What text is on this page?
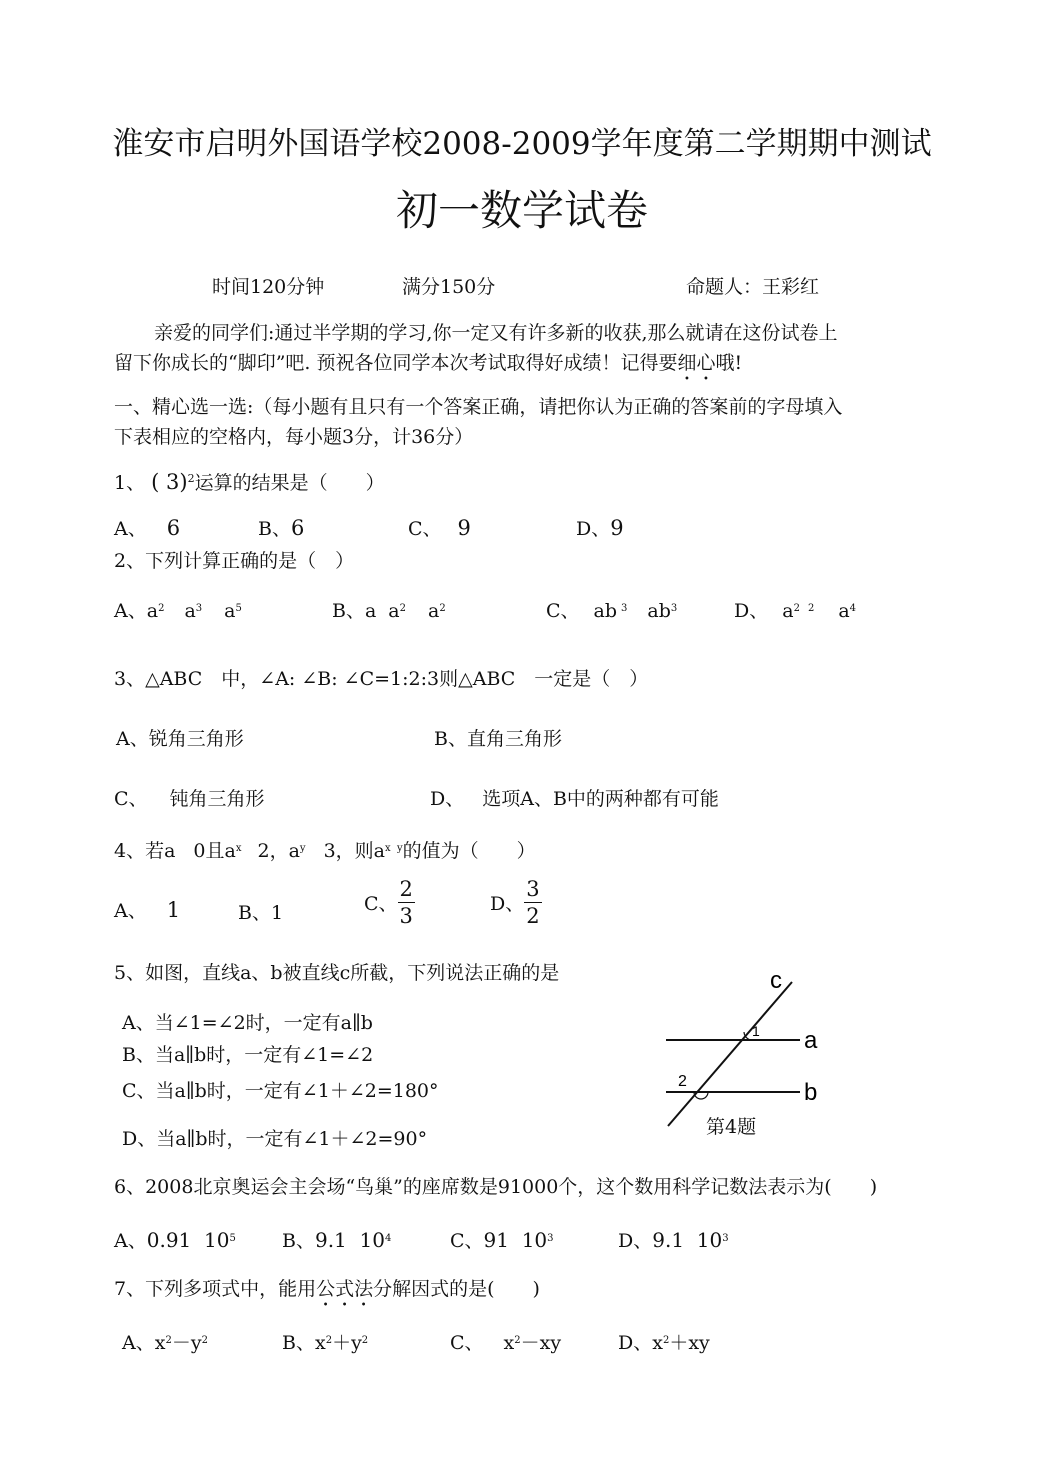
淮安市启明外国语学校2008-2009学年度第二学期期中测试
初一数学试卷
时间120分钟	满分150分	命题人：王彩红
亲爱的同学们:通过半学期的学习,你一定又有许多新的收获,那么就请在这份试卷上
留下你成长的“脚印”吧. 预祝各位同学本次考试取得好成绩！记得要细心哦!
一、精心选一选:（每小题有且只有一个答案正确，请把你认为正确的答案前的字母填入
下表相应的空格内，每小题3分，计36分）
1、 ( 3)$^2$运算的结果是（　　）
A、 6	B、6	C、 9	D、9
2、下列计算正确的是（　）
A、$a^2$ $a^3$ $a^5$	B、a $a^2$ $a^2$	C、 ab $^3$ $ab^3$	D、 $a^2$ $^2$ $a^4$
3、△ABC　中，∠A: ∠B: ∠C=1:2:3则△ABC　一定是（　）
A、锐角三角形	B、直角三角形
C、 钝角三角形	D、 选项A、B中的两种都有可能
4、若a 0且$a^x$ 2，$a^y$ 3，则$a^{x y}$的值为（　　）
A、 1	B、1	C、 $\frac{2}{3}$	D、 $\frac{3}{2}$
5、如图，直线a、b被直线c所截，下列说法正确的是
A、当∠1=∠2时，一定有a∥b
B、当a∥b时，一定有∠1=∠2
C、当a∥b时，一定有∠1＋∠2=180°
D、当a∥b时，一定有∠1＋∠2=90°
c
a
b
1
2
第4题
6、2008北京奥运会主会场“鸟巢”的座席数是91000个，这个数用科学记数法表示为(　　)
A、0.91  $10^5$ B、9.1  $10^4$	C、91  $10^3$	D、9.1  $10^3$
7、下列多项式中，能用公式法分解因式的是(　　)
A、$x^2-y^2$	B、$x^2+y^2$	C、 $x^2-xy$	D、$x^2+xy$
